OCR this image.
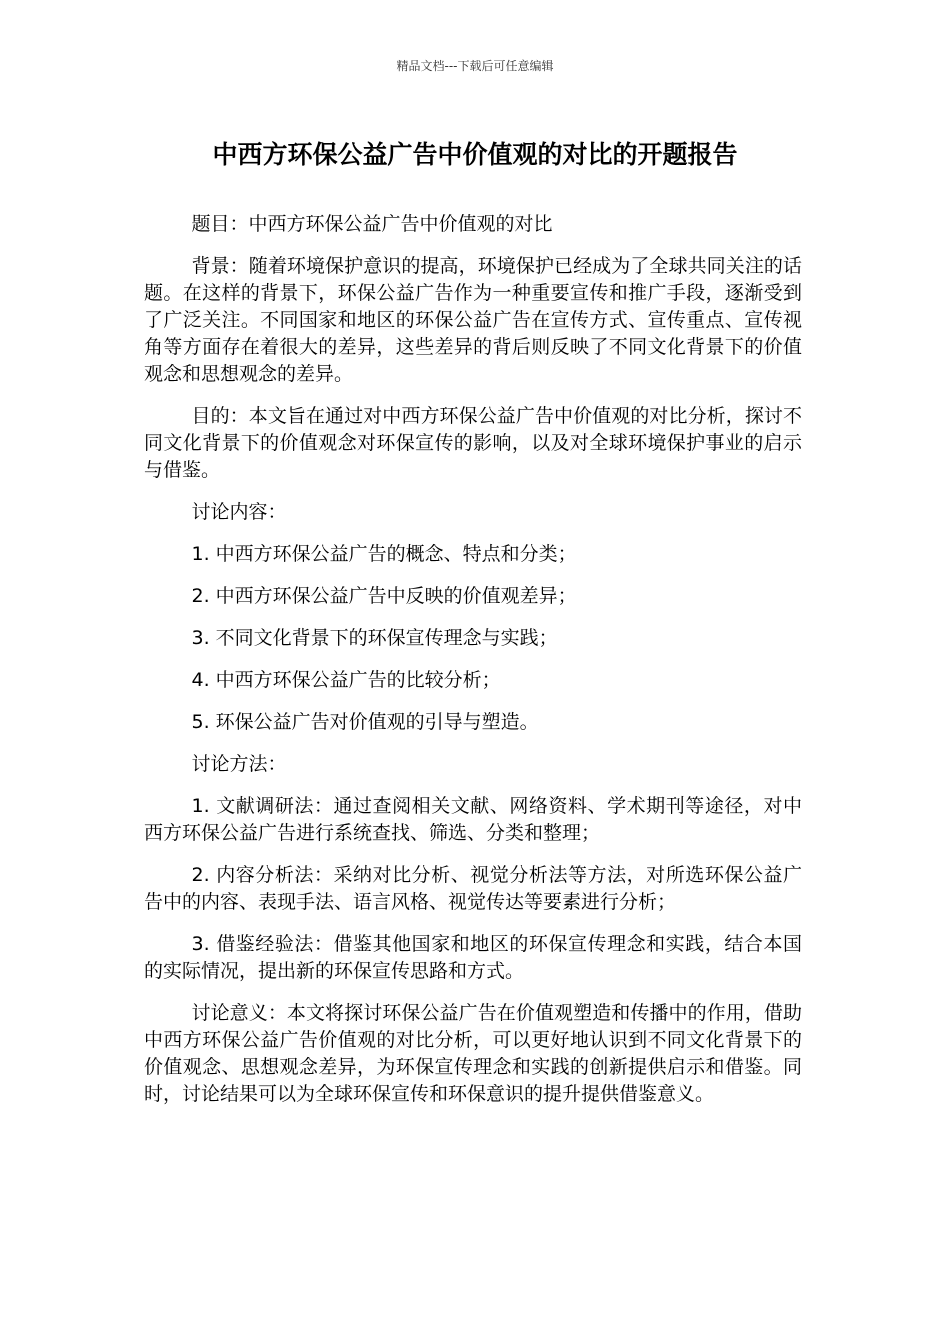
精品文档---下载后可任意编辑
中西方环保公益广告中价值观的对比的开题报告

题目：中西方环保公益广告中价值观的对比

背景：随着环境保护意识的提高，环境保护已经成为了全球共同关注的话题。在这样的背景下，环保公益广告作为一种重要宣传和推广手段，逐渐受到了广泛关注。不同国家和地区的环保公益广告在宣传方式、宣传重点、宣传视角等方面存在着很大的差异，这些差异的背后则反映了不同文化背景下的价值观念和思想观念的差异。

目的：本文旨在通过对中西方环保公益广告中价值观的对比分析，探讨不同文化背景下的价值观念对环保宣传的影响，以及对全球环境保护事业的启示与借鉴。

讨论内容：

1. 中西方环保公益广告的概念、特点和分类；

2. 中西方环保公益广告中反映的价值观差异；

3. 不同文化背景下的环保宣传理念与实践；

4. 中西方环保公益广告的比较分析；

5. 环保公益广告对价值观的引导与塑造。

讨论方法：

1. 文献调研法：通过查阅相关文献、网络资料、学术期刊等途径，对中西方环保公益广告进行系统查找、筛选、分类和整理；

2. 内容分析法：采纳对比分析、视觉分析法等方法，对所选环保公益广告中的内容、表现手法、语言风格、视觉传达等要素进行分析；

3. 借鉴经验法：借鉴其他国家和地区的环保宣传理念和实践，结合本国的实际情况，提出新的环保宣传思路和方式。

讨论意义：本文将探讨环保公益广告在价值观塑造和传播中的作用，借助中西方环保公益广告价值观的对比分析，可以更好地认识到不同文化背景下的价值观念、思想观念差异，为环保宣传理念和实践的创新提供启示和借鉴。同时，讨论结果可以为全球环保宣传和环保意识的提升提供借鉴意义。
